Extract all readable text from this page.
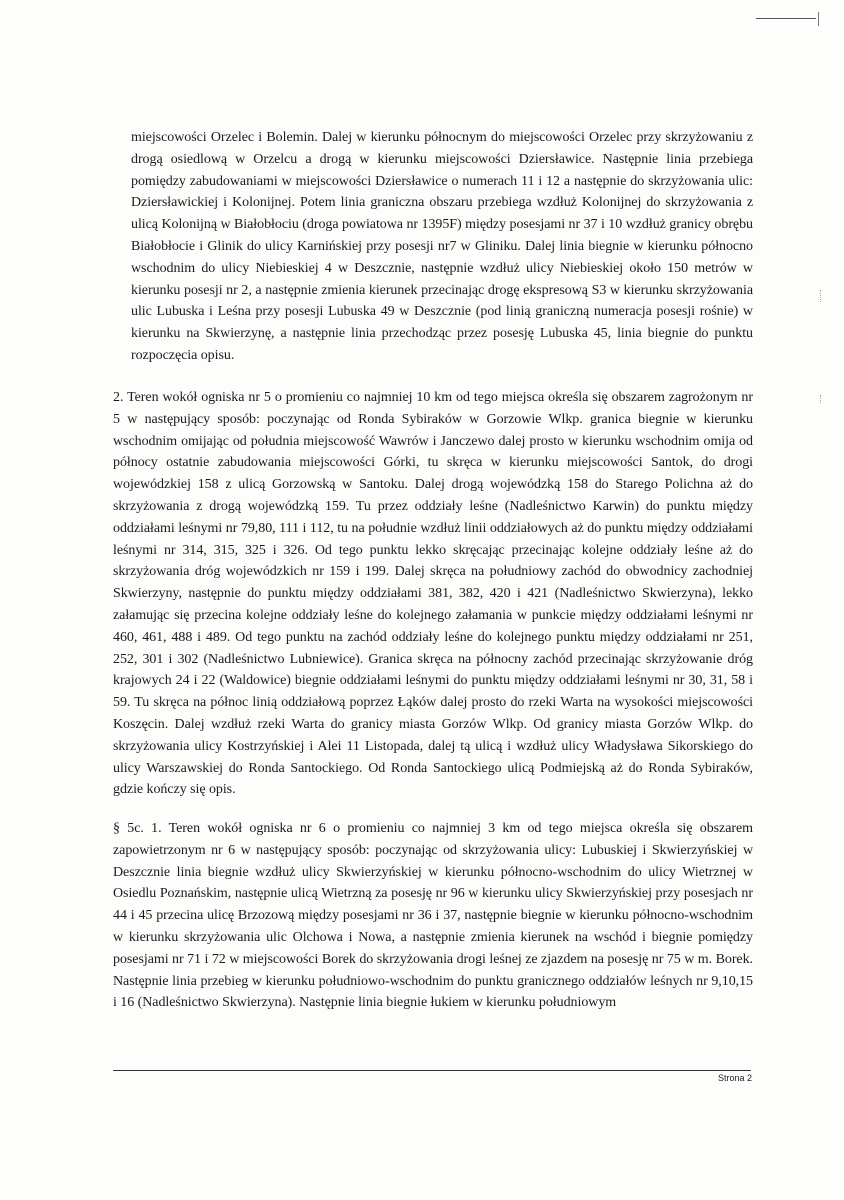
miejscowości Orzelec i Bolemin. Dalej w kierunku północnym do miejscowości Orzelec przy skrzyżowaniu z drogą osiedlową w Orzelcu a drogą w kierunku miejscowości Dziersławice. Następnie linia przebiega pomiędzy zabudowaniami w miejscowości Dziersławice o numerach 11 i 12 a następnie do skrzyżowania ulic: Dziersławickiej i Kolonijnej. Potem linia graniczna obszaru przebiega wzdłuż Kolonijnej do skrzyżowania z ulicą Kolonijną w Białobłociu (droga powiatowa nr 1395F) między posesjami nr 37 i 10 wzdłuż granicy obrębu Białobłocie i Glinik do ulicy Karnińskiej przy posesji nr7 w Gliniku. Dalej linia biegnie w kierunku północno wschodnim do ulicy Niebieskiej 4 w Deszcznie, następnie wzdłuż ulicy Niebieskiej około 150 metrów w kierunku posesji nr 2, a następnie zmienia kierunek przecinając drogę ekspresową S3 w kierunku skrzyżowania ulic Lubuska i Leśna przy posesji Lubuska 49 w Deszcznie (pod linią graniczną numeracja posesji rośnie) w kierunku na Skwierzynę, a następnie linia przechodząc przez posesję Lubuska 45, linia biegnie do punktu rozpoczęcia opisu.

2. Teren wokół ogniska nr 5 o promieniu co najmniej 10 km od tego miejsca określa się obszarem zagrożonym nr 5 w następujący sposób: poczynając od Ronda Sybiraków w Gorzowie Wlkp. granica biegnie w kierunku wschodnim omijając od południa miejscowość Wawrów i Janczewo dalej prosto w kierunku wschodnim omija od północy ostatnie zabudowania miejscowości Górki, tu skręca w kierunku miejscowości Santok, do drogi wojewódzkiej 158 z ulicą Gorzowską w Santoku. Dalej drogą wojewódzką 158 do Starego Polichna aż do skrzyżowania z drogą wojewódzką 159. Tu przez oddziały leśne (Nadleśnictwo Karwin) do punktu między oddziałami leśnymi nr 79,80, 111 i 112, tu na południe wzdłuż linii oddziałowych aż do punktu między oddziałami leśnymi nr 314, 315, 325 i 326. Od tego punktu lekko skręcając przecinając kolejne oddziały leśne aż do skrzyżowania dróg wojewódzkich nr 159 i 199. Dalej skręca na południowy zachód do obwodnicy zachodniej Skwierzyny, następnie do punktu między oddziałami 381, 382, 420 i 421 (Nadleśnictwo Skwierzyna), lekko załamując się przecina kolejne oddziały leśne do kolejnego załamania w punkcie między oddziałami leśnymi nr 460, 461, 488 i 489. Od tego punktu na zachód oddziały leśne do kolejnego punktu między oddziałami nr 251, 252, 301 i 302 (Nadleśnictwo Lubniewice). Granica skręca na północny zachód przecinając skrzyżowanie dróg krajowych 24 i 22 (Waldowice) biegnie oddziałami leśnymi do punktu między oddziałami leśnymi nr 30, 31, 58 i 59. Tu skręca na północ linią oddziałową poprzez Łąków dalej prosto do rzeki Warta na wysokości miejscowości Koszęcin. Dalej wzdłuż rzeki Warta do granicy miasta Gorzów Wlkp. Od granicy miasta Gorzów Wlkp. do skrzyżowania ulicy Kostrzyńskiej i Alei 11 Listopada, dalej tą ulicą i wzdłuż ulicy Władysława Sikorskiego do ulicy Warszawskiej do Ronda Santockiego. Od Ronda Santockiego ulicą Podmiejską aż do Ronda Sybiraków, gdzie kończy się opis.

§ 5c. 1. Teren wokół ogniska nr 6 o promieniu co najmniej 3 km od tego miejsca określa się obszarem zapowietrzonym nr 6 w następujący sposób: poczynając od skrzyżowania ulicy: Lubuskiej i Skwierzyńskiej w Deszcznie linia biegnie wzdłuż ulicy Skwierzyńskiej w kierunku północno-wschodnim do ulicy Wietrznej w Osiedlu Poznańskim, następnie ulicą Wietrzną za posesję nr 96 w kierunku ulicy Skwierzyńskiej przy posesjach nr 44 i 45 przecina ulicę Brzozową między posesjami nr 36 i 37, następnie biegnie w kierunku północno-wschodnim w kierunku skrzyżowania ulic Olchowa i Nowa, a następnie zmienia kierunek na wschód i biegnie pomiędzy posesjami nr 71 i 72 w miejscowości Borek do skrzyżowania drogi leśnej ze zjazdem na posesję nr 75 w m. Borek. Następnie linia przebieg w kierunku południowo-wschodnim do punktu granicznego oddziałów leśnych nr 9,10,15 i 16 (Nadleśnictwo Skwierzyna). Następnie linia biegnie łukiem w kierunku południowym

Strona 2
